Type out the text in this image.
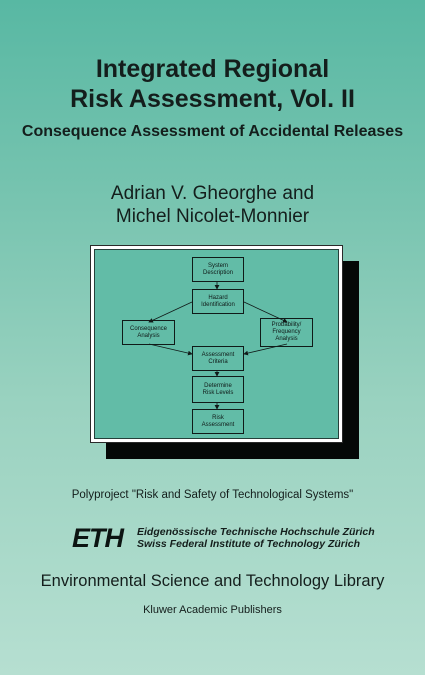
Integrated Regional
Risk Assessment, Vol. II
Consequence Assessment of Accidental Releases
Adrian V. Gheorghe and
Michel Nicolet-Monnier
System
Description
Hazard
Identification
Consequence
Analysis
Probability/
Frequency
Analysis
Assessment
Criteria
Determine
Risk Levels
Risk
Assessment
Polyproject "Risk and Safety of Technological Systems"
ETH Eidgenössische Technische Hochschule Zürich
Swiss Federal Institute of Technology Zürich
Environmental Science and Technology Library
Kluwer Academic Publishers
